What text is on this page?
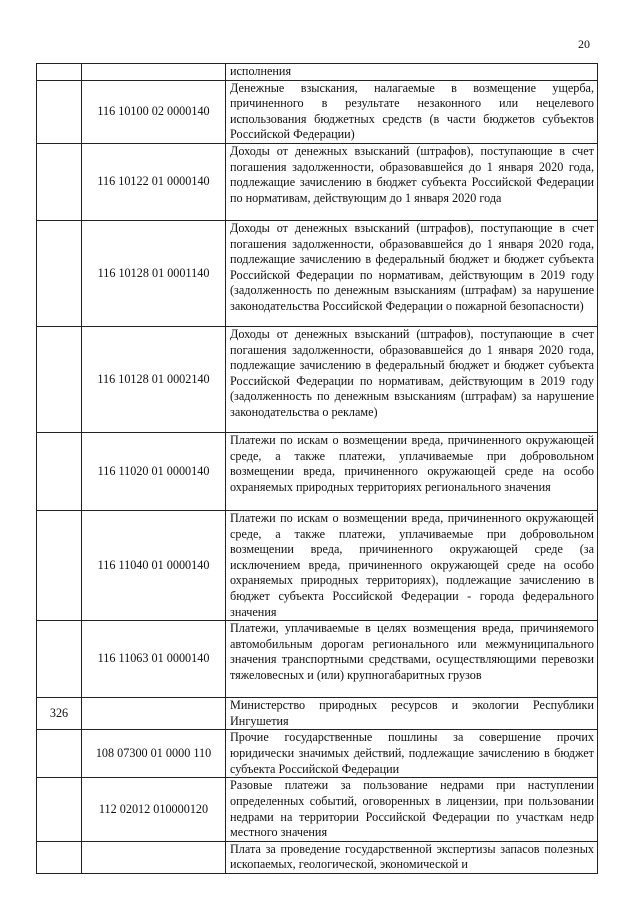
20

		исполнения

	116 10100 02 0000140	Денежные взыскания, налагаемые в возмещение ущерба, причиненного в результате незаконного или нецелевого использования бюджетных средств (в части бюджетов субъектов Российской Федерации)

	116 10122 01 0000140	Доходы от денежных взысканий (штрафов), поступающие в счет погашения задолженности, образовавшейся до 1 января 2020 года, подлежащие зачислению в бюджет субъекта Российской Федерации по нормативам, действующим до 1 января 2020 года

	116 10128 01 0001140	Доходы от денежных взысканий (штрафов), поступающие в счет погашения задолженности, образовавшейся до 1 января 2020 года, подлежащие зачислению в федеральный бюджет и бюджет субъекта Российской Федерации по нормативам, действующим в 2019 году (задолженность по денежным взысканиям (штрафам) за нарушение законодательства Российской Федерации о пожарной безопасности)

	116 10128 01 0002140	Доходы от денежных взысканий (штрафов), поступающие в счет погашения задолженности, образовавшейся до 1 января 2020 года, подлежащие зачислению в федеральный бюджет и бюджет субъекта Российской Федерации по нормативам, действующим в 2019 году (задолженность по денежным взысканиям (штрафам) за нарушение законодательства о рекламе)

	116 11020 01 0000140	Платежи по искам о возмещении вреда, причиненного окружающей среде, а также платежи, уплачиваемые при добровольном возмещении вреда, причиненного окружающей среде на особо охраняемых природных территориях регионального значения

	116 11040 01 0000140	Платежи по искам о возмещении вреда, причиненного окружающей среде, а также платежи, уплачиваемые при добровольном возмещении вреда, причиненного окружающей среде (за исключением вреда, причиненного окружающей среде на особо охраняемых природных территориях), подлежащие зачислению в бюджет субъекта Российской Федерации - города федерального значения

	116 11063 01 0000140	Платежи, уплачиваемые в целях возмещения вреда, причиняемого автомобильным дорогам регионального или межмуниципального значения транспортными средствами, осуществляющими перевозки тяжеловесных и (или) крупногабаритных грузов

326		Министерство природных ресурсов и экологии Республики Ингушетия

	108 07300 01 0000 110	Прочие государственные пошлины за совершение прочих юридически значимых действий, подлежащие зачислению в бюджет субъекта Российской Федерации

	112 02012 010000120	Разовые платежи за пользование недрами при наступлении определенных событий, оговоренных в лицензии, при пользовании недрами на территории Российской Федерации по участкам недр местного значения

		Плата за проведение государственной экспертизы запасов полезных ископаемых, геологической, экономической и
